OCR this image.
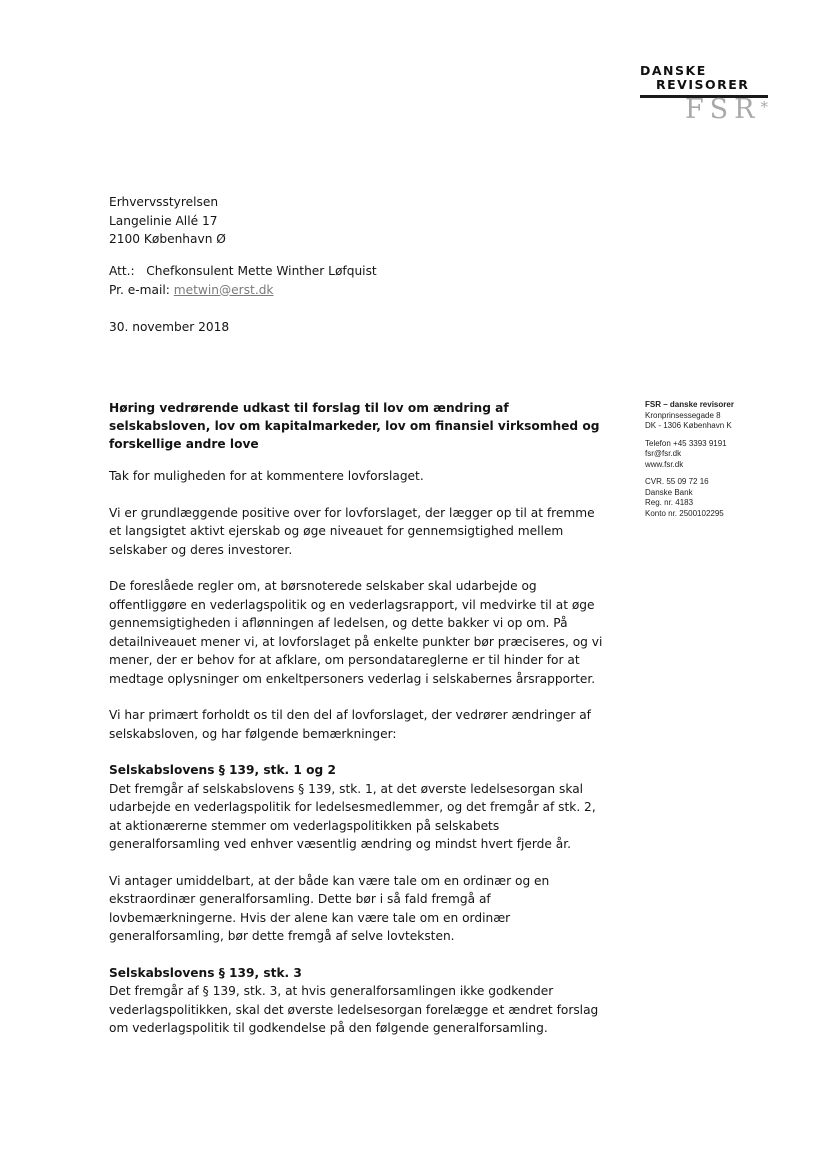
DANSKE
REVISORER
FSR*
Erhvervsstyrelsen
Langelinie Allé 17
2100 København Ø
Att.: Chefkonsulent Mette Winther Løfquist
Pr. e-mail: metwin@erst.dk
30. november 2018
FSR – danske revisorer
Kronprinsessegade 8
DK - 1306 København K
Telefon +45 3393 9191
fsr@fsr.dk
www.fsr.dk
CVR. 55 09 72 16
Danske Bank
Reg. nr. 4183
Konto nr. 2500102295
Høring vedrørende udkast til forslag til lov om ændring af selskabsloven, lov om kapitalmarkeder, lov om finansiel virksomhed og forskellige andre love

Tak for muligheden for at kommentere lovforslaget.

Vi er grundlæggende positive over for lovforslaget, der lægger op til at fremme et langsigtet aktivt ejerskab og øge niveauet for gennemsigtighed mellem selskaber og deres investorer.

De foreslåede regler om, at børsnoterede selskaber skal udarbejde og offentliggøre en vederlagspolitik og en vederlagsrapport, vil medvirke til at øge gennemsigtigheden i aflønningen af ledelsen, og dette bakker vi op om. På detailniveauet mener vi, at lovforslaget på enkelte punkter bør præciseres, og vi mener, der er behov for at afklare, om persondatareglerne er til hinder for at medtage oplysninger om enkeltpersoners vederlag i selskabernes årsrapporter.

Vi har primært forholdt os til den del af lovforslaget, der vedrører ændringer af selskabsloven, og har følgende bemærkninger:

Selskabslovens § 139, stk. 1 og 2

Det fremgår af selskabslovens § 139, stk. 1, at det øverste ledelsesorgan skal udarbejde en vederlagspolitik for ledelsesmedlemmer, og det fremgår af stk. 2, at aktionærerne stemmer om vederlagspolitikken på selskabets generalforsamling ved enhver væsentlig ændring og mindst hvert fjerde år.

Vi antager umiddelbart, at der både kan være tale om en ordinær og en ekstraordinær generalforsamling. Dette bør i så fald fremgå af lovbemærkningerne. Hvis der alene kan være tale om en ordinær generalforsamling, bør dette fremgå af selve lovteksten.

Selskabslovens § 139, stk. 3

Det fremgår af § 139, stk. 3, at hvis generalforsamlingen ikke godkender vederlagspolitikken, skal det øverste ledelsesorgan forelægge et ændret forslag om vederlagspolitik til godkendelse på den følgende generalforsamling.
